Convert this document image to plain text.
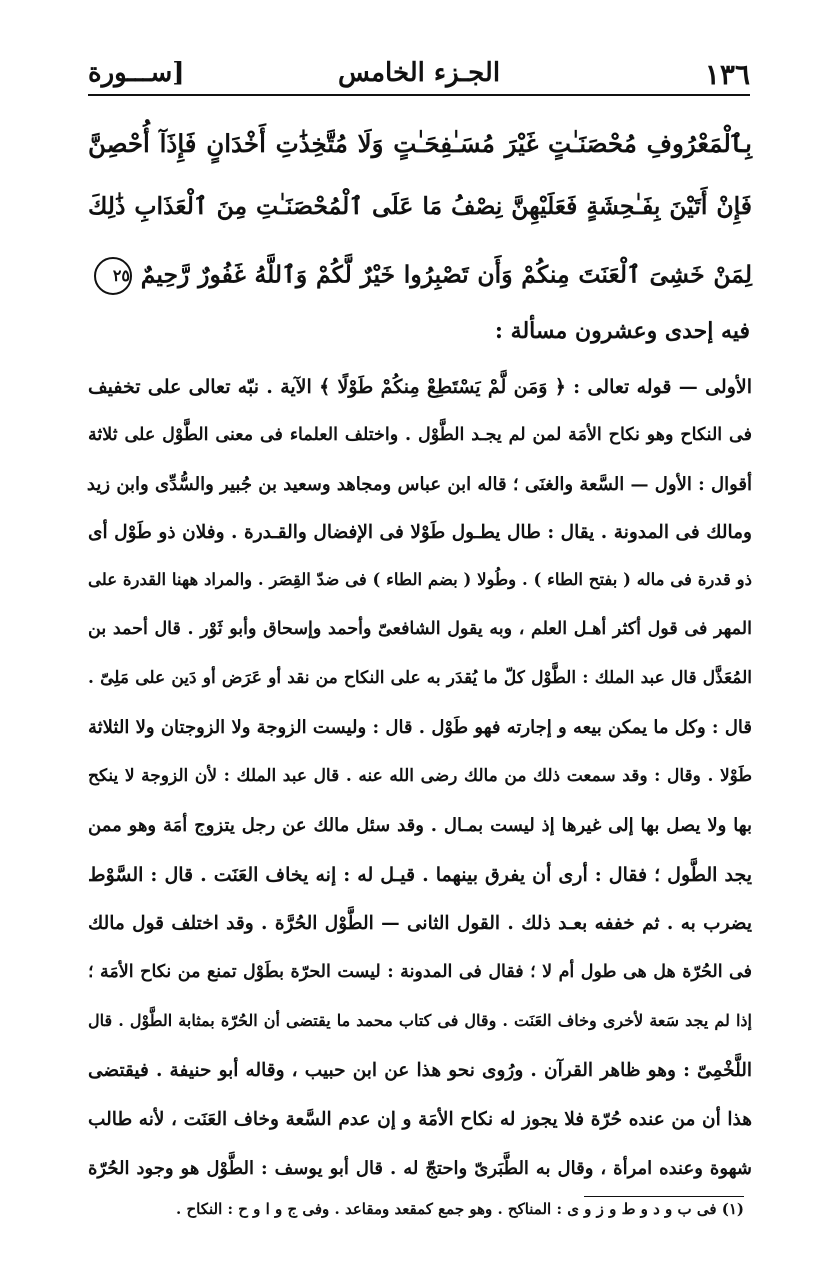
١٣٦
الجـزء الخامس
[ســـورة
بِٱلْمَعْرُوفِ مُحْصَنَـٰتٍ غَيْرَ مُسَـٰفِحَـٰتٍ وَلَا مُتَّخِذَٰتِ أَخْدَانٍ فَإِذَآ أُحْصِنَّ
فَإِنْ أَتَيْنَ بِفَـٰحِشَةٍ فَعَلَيْهِنَّ نِصْفُ مَا عَلَى ٱلْمُحْصَنَـٰتِ مِنَ ٱلْعَذَابِ ذَٰلِكَ
لِمَنْ خَشِىَ ٱلْعَنَتَ مِنكُمْ وَأَن تَصْبِرُوا خَيْرٌ لَّكُمْ وَٱللَّهُ غَفُورٌ رَّحِيمٌ ٢٥
فيه إحدى وعشرون مسألة :
الأولى — قوله تعالى : ﴿ وَمَن لَّمْ يَسْتَطِعْ مِنكُمْ طَوْلًا ﴾ الآية . نبّه تعالى على تخفيف
فى النكاح وهو نكاح الأمَة لمن لم يجـد الطَّوْل . واختلف العلماء فى معنى الطَّوْل على ثلاثة
أقوال : الأول — السَّعة والغنَى ؛ قاله ابن عباس ومجاهد وسعيد بن جُبير والسُّدِّى وابن زيد
ومالك فى المدونة . يقال : طال يطـول طَوْلا فى الإفضال والقـدرة . وفلان ذو طَوْل أى
ذو قدرة فى ماله ( بفتح الطاء ) . وطُولا ( بضم الطاء ) فى ضدّ القِصَر . والمراد ههنا القدرة على
المهر فى قول أكثر أهـل العلم ، وبه يقول الشافعىّ وأحمد وإسحاق وأبو ثَوْر . قال أحمد بن
المُعَذَّل قال عبد الملك : الطَّوْل كلّ ما يُقدَر به على النكاح من نقد أو عَرَض أو دَين على مَلِىّ .
قال : وكل ما يمكن بيعه و إجارته فهو طَوْل . قال : وليست الزوجة ولا الزوجتان ولا الثلاثة
طَوْلا . وقال : وقد سمعت ذلك من مالك رضى الله عنه . قال عبد الملك : لأن الزوجة لا ينكح
بها ولا يصل بها إلى غيرها إذ ليست بمـال . وقد سئل مالك عن رجل يتزوج أمَة وهو ممن
يجد الطَّول ؛ فقال : أرى أن يفرق بينهما . قيـل له : إنه يخاف العَنَت . قال : السَّوْط
يضرب به . ثم خففه بعـد ذلك . القول الثانى — الطَّوْل الحُرَّة . وقد اختلف قول مالك
فى الحُرّة هل هى طول أم لا ؛ فقال فى المدونة : ليست الحرّة بطَوْل تمنع من نكاح الأمَة ؛
إذا لم يجد سَعة لأخرى وخاف العَنَت . وقال فى كتاب محمد ما يقتضى أن الحُرّة بمثابة الطَّوْل . قال
اللَّخْمِىّ : وهو ظاهر القرآن . ورُوى نحو هذا عن ابن حبيب ، وقاله أبو حنيفة . فيقتضى
هذا أن من عنده حُرّة فلا يجوز له نكاح الأمَة و إن عدم السَّعة وخاف العَنَت ، لأنه طالب
شهوة وعنده امرأة ، وقال به الطَّبَرىّ واحتجّ له . قال أبو يوسف : الطَّوْل هو وجود الحُرّة
(١) فى ب و د و ط و ز و ى : المناكح . وهو جمع كمقعد ومقاعد . وفى ج و ا و ح : النكاح .
